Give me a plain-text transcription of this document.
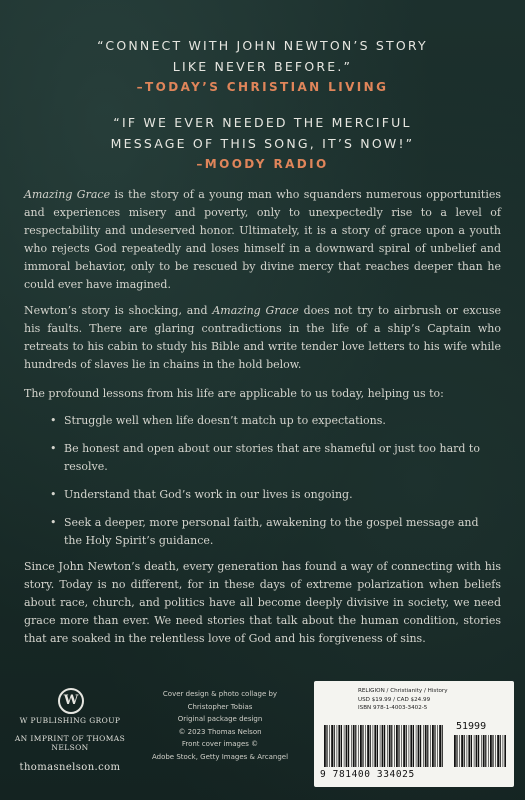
“CONNECT WITH JOHN NEWTON’S STORY
LIKE NEVER BEFORE.”
–TODAY’S CHRISTIAN LIVING
“IF WE EVER NEEDED THE MERCIFUL
MESSAGE OF THIS SONG, IT’S NOW!”
–MOODY RADIO

Amazing Grace is the story of a young man who squanders numerous opportunities and experiences misery and poverty, only to unexpectedly rise to a level of respectability and undeserved honor. Ultimately, it is a story of grace upon a youth who rejects God repeatedly and loses himself in a downward spiral of unbelief and immoral behavior, only to be rescued by divine mercy that reaches deeper than he could ever have imagined.

Newton’s story is shocking, and Amazing Grace does not try to airbrush or excuse his faults. There are glaring contradictions in the life of a ship’s Captain who retreats to his cabin to study his Bible and write tender love letters to his wife while hundreds of slaves lie in chains in the hold below.

The profound lessons from his life are applicable to us today, helping us to:

• Struggle well when life doesn’t match up to expectations.
• Be honest and open about our stories that are shameful or just too hard to resolve.
• Understand that God’s work in our lives is ongoing.
• Seek a deeper, more personal faith, awakening to the gospel message and the Holy Spirit’s guidance.

Since John Newton’s death, every generation has found a way of connecting with his story. Today is no different, for in these days of extreme polarization when beliefs about race, church, and politics have all become deeply divisive in society, we need grace more than ever. We need stories that talk about the human condition, stories that are soaked in the relentless love of God and his forgiveness of sins.

W
W PUBLISHING GROUP
AN IMPRINT OF THOMAS NELSON
thomasnelson.com
Cover design & photo collage by
Christopher Tobias
Original package design
© 2023 Thomas Nelson
Front cover images ©
Adobe Stock, Getty Images & Arcangel
RELIGION / Christianity / History
USD $19.99 / CAD $24.99
ISBN 978-1-4003-3402-5
51999
9 781400 334025
